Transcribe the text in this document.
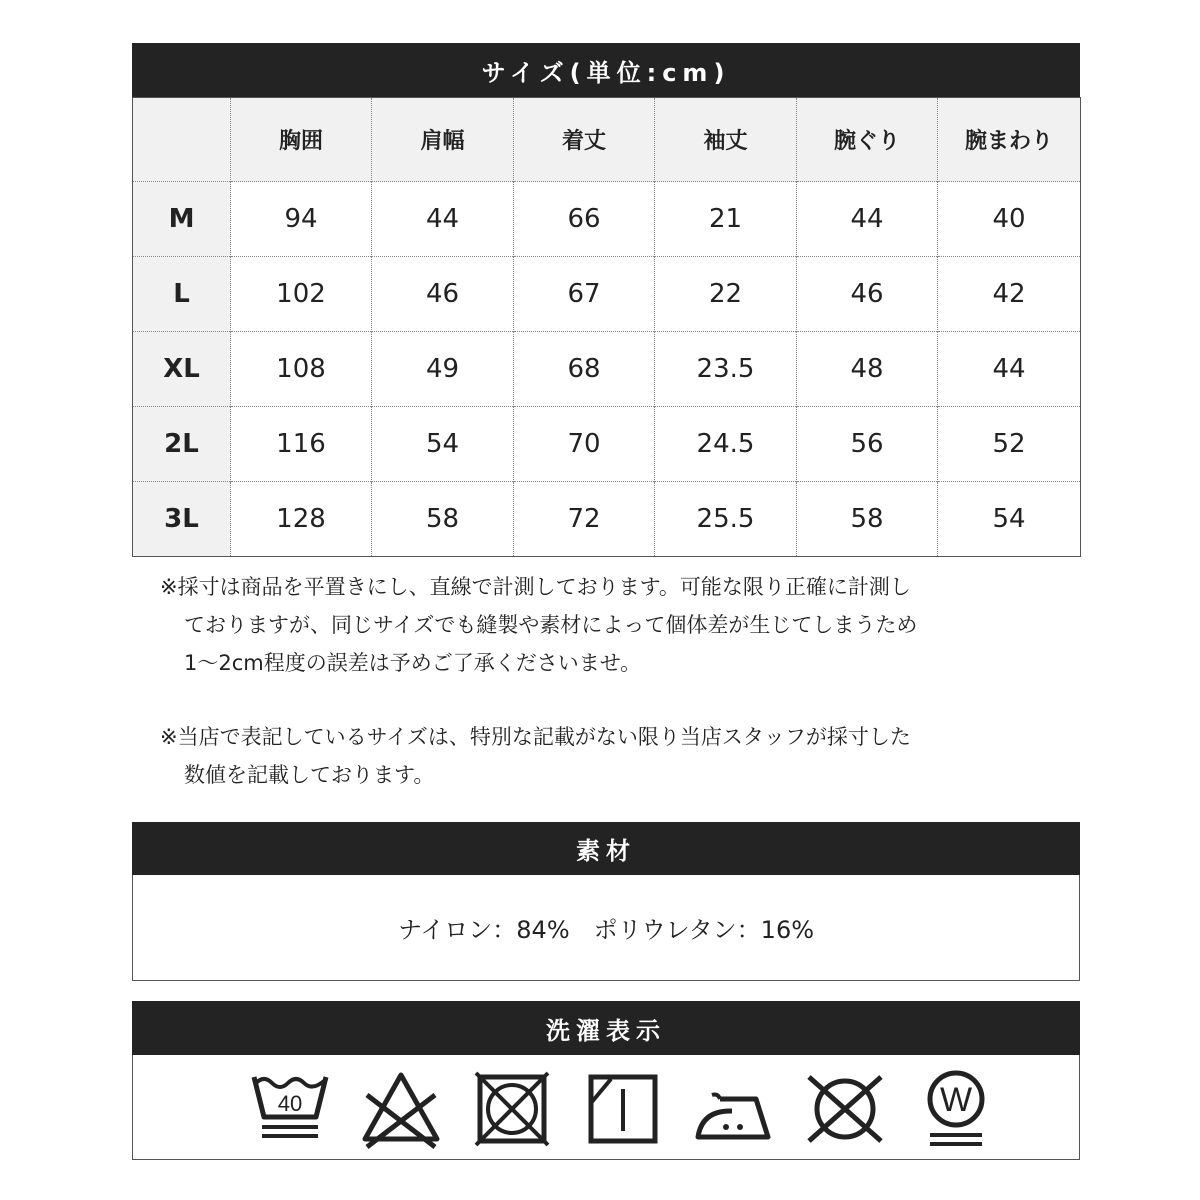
サイズ(単位:cm)
	胸囲	肩幅	着丈	袖丈	腕ぐり	腕まわり
M	94	44	66	21	44	40
L	102	46	67	22	46	42
XL	108	49	68	23.5	48	44
2L	116	54	70	24.5	56	52
3L	128	58	72	25.5	58	54
※採寸は商品を平置きにし、直線で計測しております。可能な限り正確に計測し
ておりますが、同じサイズでも縫製や素材によって個体差が生じてしまうため
1～2cm程度の誤差は予めご了承くださいませ。
※当店で表記しているサイズは、特別な記載がない限り当店スタッフが採寸した
数値を記載しております。
素材
ナイロン：84%　ポリウレタン：16%
洗濯表示
40	W
